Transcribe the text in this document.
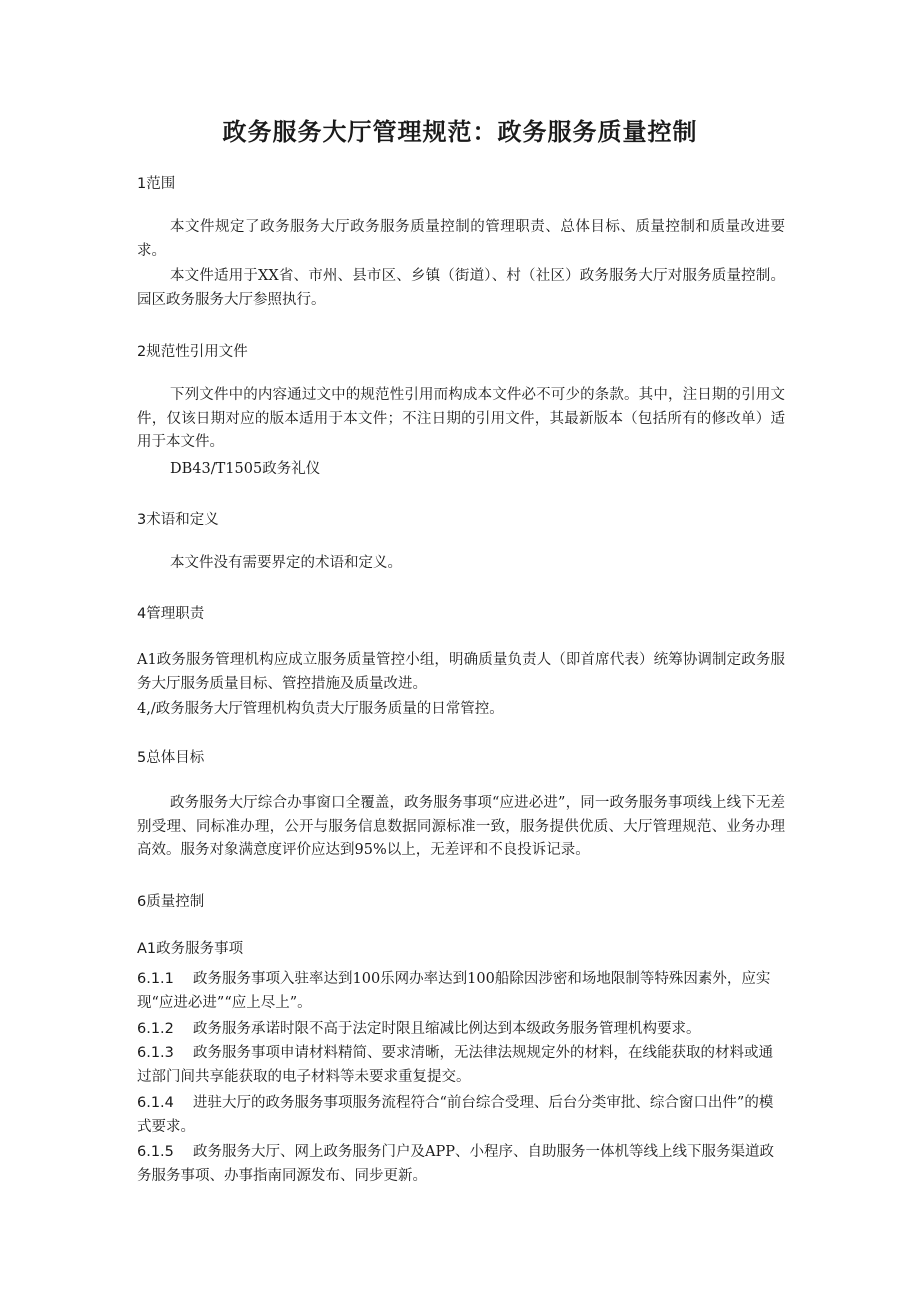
政务服务大厅管理规范：政务服务质量控制
1范围
本文件规定了政务服务大厅政务服务质量控制的管理职责、总体目标、质量控制和质量改进要求。
本文件适用于XX省、市州、县市区、乡镇（街道）、村（社区）政务服务大厅对服务质量控制。园区政务服务大厅参照执行。
2规范性引用文件
下列文件中的内容通过文中的规范性引用而构成本文件必不可少的条款。其中，注日期的引用文件，仅该日期对应的版本适用于本文件；不注日期的引用文件，其最新版本（包括所有的修改单）适用于本文件。
DB43/T1505政务礼仪
3术语和定义
本文件没有需要界定的术语和定义。
4管理职责
A1政务服务管理机构应成立服务质量管控小组，明确质量负责人（即首席代表）统筹协调制定政务服务大厅服务质量目标、管控措施及质量改进。
4,/政务服务大厅管理机构负责大厅服务质量的日常管控。
5总体目标
政务服务大厅综合办事窗口全覆盖，政务服务事项“应进必进”，同一政务服务事项线上线下无差别受理、同标准办理，公开与服务信息数据同源标准一致，服务提供优质、大厅管理规范、业务办理高效。服务对象满意度评价应达到95%以上，无差评和不良投诉记录。
6质量控制
A1政务服务事项
6.1.1 政务服务事项入驻率达到100乐网办率达到100船除因涉密和场地限制等特殊因素外，应实现“应进必进”“应上尽上”。
6.1.2 政务服务承诺时限不高于法定时限且缩减比例达到本级政务服务管理机构要求。
6.1.3 政务服务事项申请材料精简、要求清晰，无法律法规规定外的材料，在线能获取的材料或通过部门间共享能获取的电子材料等未要求重复提交。
6.1.4 进驻大厅的政务服务事项服务流程符合“前台综合受理、后台分类审批、综合窗口出件”的模式要求。
6.1.5 政务服务大厅、网上政务服务门户及APP、小程序、自助服务一体机等线上线下服务渠道政务服务事项、办事指南同源发布、同步更新。
